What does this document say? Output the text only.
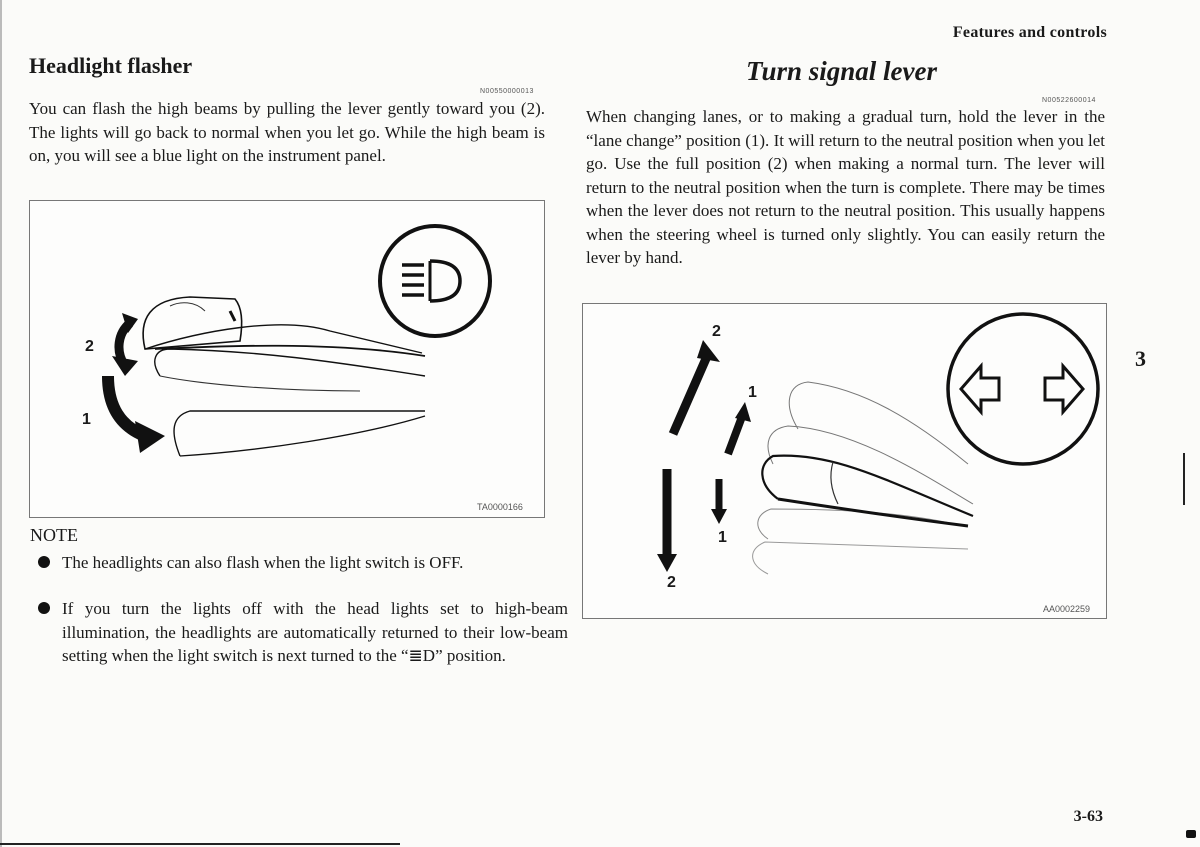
Features and controls
Headlight flasher
N00550000013
You can flash the high beams by pulling the lever gently toward you (2). The lights will go back to normal when you let go. While the high beam is on, you will see a blue light on the instrument panel.
2
1
TA0000166
NOTE
The headlights can also flash when the light switch is OFF.
If you turn the lights off with the head lights set to high-beam illumination, the headlights are automatically returned to their low-beam setting when the light switch is next turned to the “≣D” position.
Turn signal lever
N00522600014
When changing lanes, or to making a gradual turn, hold the lever in the “lane change” position (1). It will return to the neutral position when you let go. Use the full position (2) when making a normal turn. The lever will return to the neutral position when the turn is complete. There may be times when the lever does not return to the neutral position. This usually happens when the steering wheel is turned only slightly. You can easily return the lever by hand.
2
1
1
2
AA0002259
3
3-63
